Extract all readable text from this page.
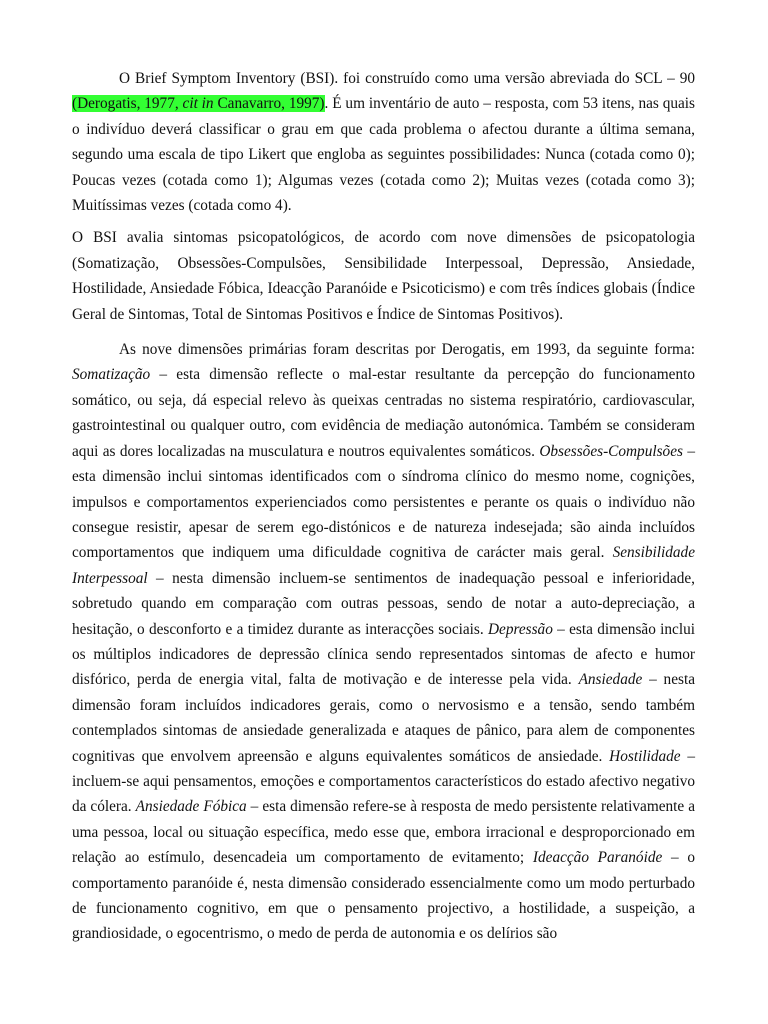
O Brief Symptom Inventory (BSI). foi construído como uma versão abreviada do SCL – 90 (Derogatis, 1977, cit in Canavarro, 1997). É um inventário de auto – resposta, com 53 itens, nas quais o indivíduo deverá classificar o grau em que cada problema o afectou durante a última semana, segundo uma escala de tipo Likert que engloba as seguintes possibilidades: Nunca (cotada como 0); Poucas vezes (cotada como 1); Algumas vezes (cotada como 2); Muitas vezes (cotada como 3); Muitíssimas vezes (cotada como 4).

O BSI avalia sintomas psicopatológicos, de acordo com nove dimensões de psicopatologia (Somatização, Obsessões-Compulsões, Sensibilidade Interpessoal, Depressão, Ansiedade, Hostilidade, Ansiedade Fóbica, Ideacção Paranóide e Psicoticismo) e com três índices globais (Índice Geral de Sintomas, Total de Sintomas Positivos e Índice de Sintomas Positivos).

As nove dimensões primárias foram descritas por Derogatis, em 1993, da seguinte forma: Somatização – esta dimensão reflecte o mal-estar resultante da percepção do funcionamento somático, ou seja, dá especial relevo às queixas centradas no sistema respiratório, cardiovascular, gastrointestinal ou qualquer outro, com evidência de mediação autonómica. Também se consideram aqui as dores localizadas na musculatura e noutros equivalentes somáticos. Obsessões-Compulsões – esta dimensão inclui sintomas identificados com o síndroma clínico do mesmo nome, cognições, impulsos e comportamentos experienciados como persistentes e perante os quais o indivíduo não consegue resistir, apesar de serem ego-distónicos e de natureza indesejada; são ainda incluídos comportamentos que indiquem uma dificuldade cognitiva de carácter mais geral. Sensibilidade Interpessoal – nesta dimensão incluem-se sentimentos de inadequação pessoal e inferioridade, sobretudo quando em comparação com outras pessoas, sendo de notar a auto-depreciação, a hesitação, o desconforto e a timidez durante as interacções sociais. Depressão – esta dimensão inclui os múltiplos indicadores de depressão clínica sendo representados sintomas de afecto e humor disfórico, perda de energia vital, falta de motivação e de interesse pela vida. Ansiedade – nesta dimensão foram incluídos indicadores gerais, como o nervosismo e a tensão, sendo também contemplados sintomas de ansiedade generalizada e ataques de pânico, para alem de componentes cognitivas que envolvem apreensão e alguns equivalentes somáticos de ansiedade. Hostilidade – incluem-se aqui pensamentos, emoções e comportamentos característicos do estado afectivo negativo da cólera. Ansiedade Fóbica – esta dimensão refere-se à resposta de medo persistente relativamente a uma pessoa, local ou situação específica, medo esse que, embora irracional e desproporcionado em relação ao estímulo, desencadeia um comportamento de evitamento; Ideacção Paranóide – o comportamento paranóide é, nesta dimensão considerado essencialmente como um modo perturbado de funcionamento cognitivo, em que o pensamento projectivo, a hostilidade, a suspeição, a grandiosidade, o egocentrismo, o medo de perda de autonomia e os delírios são
